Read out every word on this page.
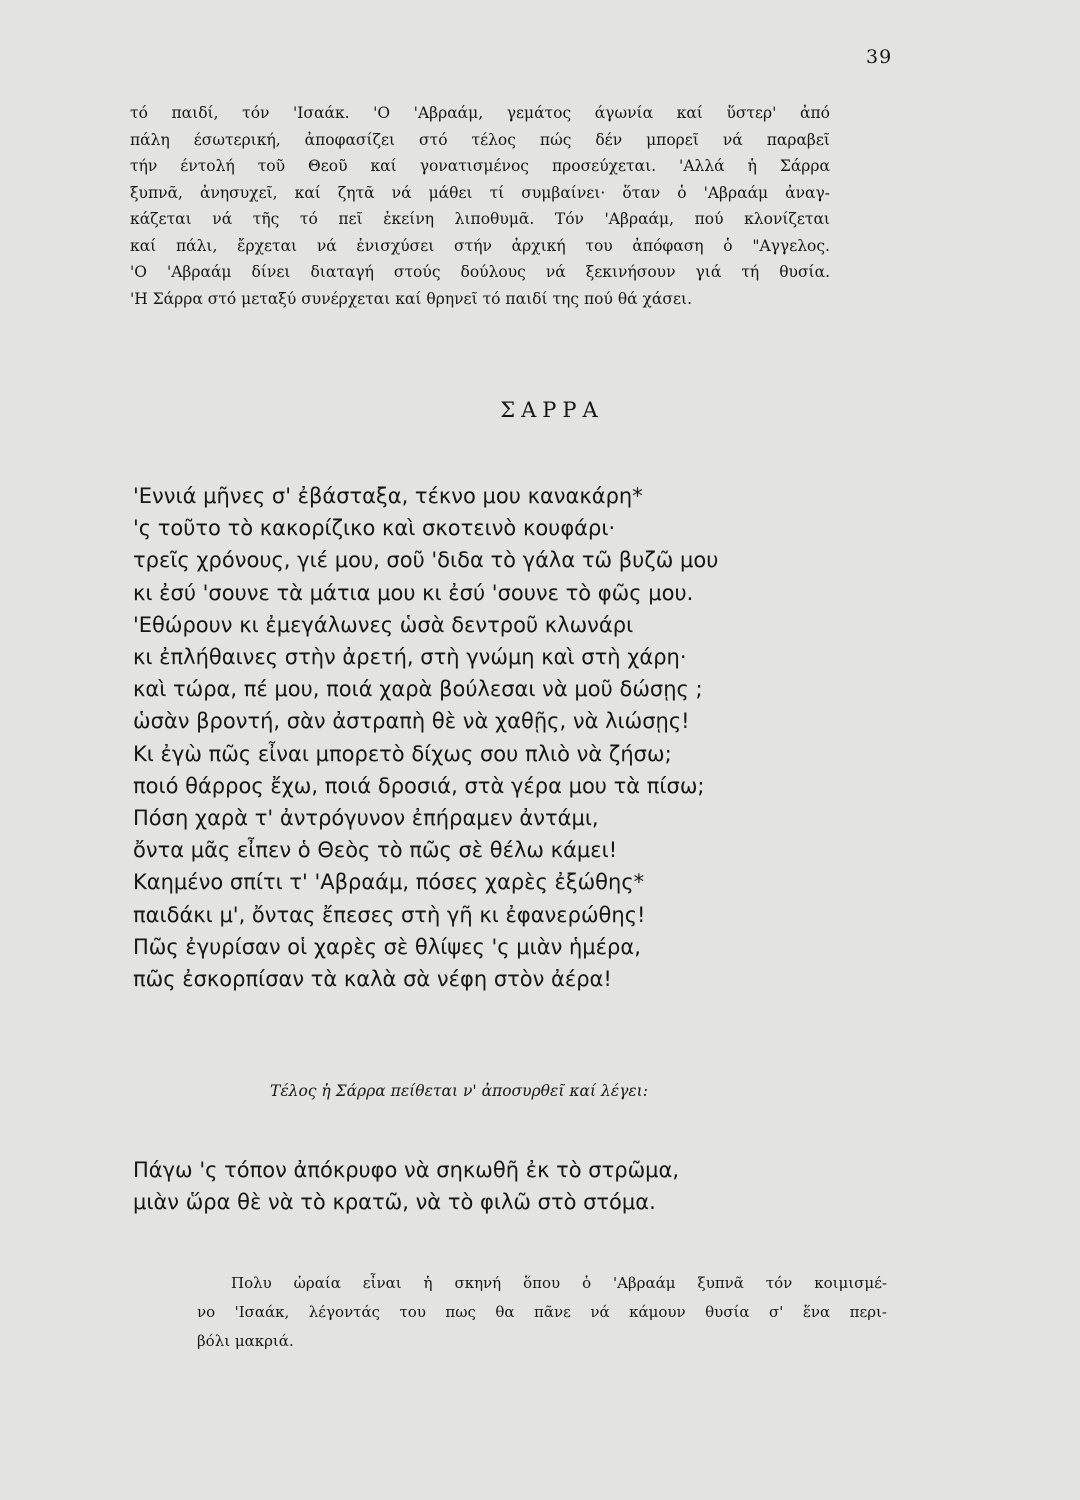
39
τό παιδί, τόν 'Ισαάκ. 'Ο 'Αβραάμ, γεμάτος άγωνία καί ὕστερ' ἀπό
πάλη έσωτερική, ἀποφασίζει στό τέλος πώς δέν μπορεῖ νά παραβεῖ
τήν έντολή τοῦ Θεοῦ καί γονατισμένος προσεύχεται. 'Αλλά ἡ Σάρρα
ξυπνᾶ, ἀνησυχεῖ, καί ζητᾶ νά μάθει τί συμβαίνει· ὅταν ὁ 'Αβραάμ ἀναγ-
κάζεται νά τῆς τό πεῖ ἐκείνη λιποθυμᾶ. Τόν 'Αβραάμ, πού κλονίζεται
καί πάλι, ἔρχεται νά ἐνισχύσει στήν ἀρχική του ἀπόφαση ὁ "Αγγελος.
'Ο 'Αβραάμ δίνει διαταγή στούς δούλους νά ξεκινήσουν γιά τή θυσία.
'Η Σάρρα στό μεταξύ συνέρχεται καί θρηνεῖ τό παιδί της πού θά χάσει.
ΣΑΡΡΑ
'Εννιά μῆνες σ' ἐβάσταξα, τέκνο μου κανακάρη*
'ς τοῦτο τὸ κακορίζικο καὶ σκοτεινὸ κουφάρι·
τρεῖς χρόνους, γιέ μου, σοῦ 'διδα τὸ γάλα τῶ βυζῶ μου
κι ἐσύ 'σουνε τὰ μάτια μου κι ἐσύ 'σουνε τὸ φῶς μου.
'Εθώρουν κι ἐμεγάλωνες ὡσὰ δεντροῦ κλωνάρι
κι ἐπλήθαινες στὴν ἀρετή, στὴ γνώμη καὶ στὴ χάρη·
καὶ τώρα, πέ μου, ποιά χαρὰ βούλεσαι νὰ μοῦ δώσῃς ;
ὡσὰν βροντή, σὰν ἀστραπὴ θὲ νὰ χαθῇς, νὰ λιώσῃς!
Κι ἐγὼ πῶς εἶναι μπορετὸ δίχως σου πλιὸ νὰ ζήσω;
ποιό θάρρος ἔχω, ποιά δροσιά, στὰ γέρα μου τὰ πίσω;
Πόση χαρὰ τ' ἀντρόγυνον ἐπήραμεν ἀντάμι,
ὄντα μᾶς εἶπεν ὁ Θεὸς τὸ πῶς σὲ θέλω κάμει!
Καημένο σπίτι τ' 'Αβραάμ, πόσες χαρὲς ἐξώθης*
παιδάκι μ', ὄντας ἔπεσες στὴ γῆ κι ἐφανερώθης!
Πῶς ἐγυρίσαν οἱ χαρὲς σὲ θλίψες 'ς μιὰν ἡμέρα,
πῶς ἐσκορπίσαν τὰ καλὰ σὰ νέφη στὸν ἀέρα!
Τέλος ἡ Σάρρα πείθεται ν' ἀποσυρθεῖ καί λέγει:
Πάγω 'ς τόπον ἀπόκρυφο νὰ σηκωθῆ ἐκ τὸ στρῶμα,
μιὰν ὥρα θὲ νὰ τὸ κρατῶ, νὰ τὸ φιλῶ στὸ στόμα.
Πολυ ὡραία εἶναι ἡ σκηνή ὅπου ὁ 'Αβραάμ ξυπνᾶ τόν κοιμισμέ-
νο 'Ισαάκ, λέγοντάς του πως θα πᾶνε νά κάμουν θυσία σ' ἕνα περι-
βόλι μακριά.
